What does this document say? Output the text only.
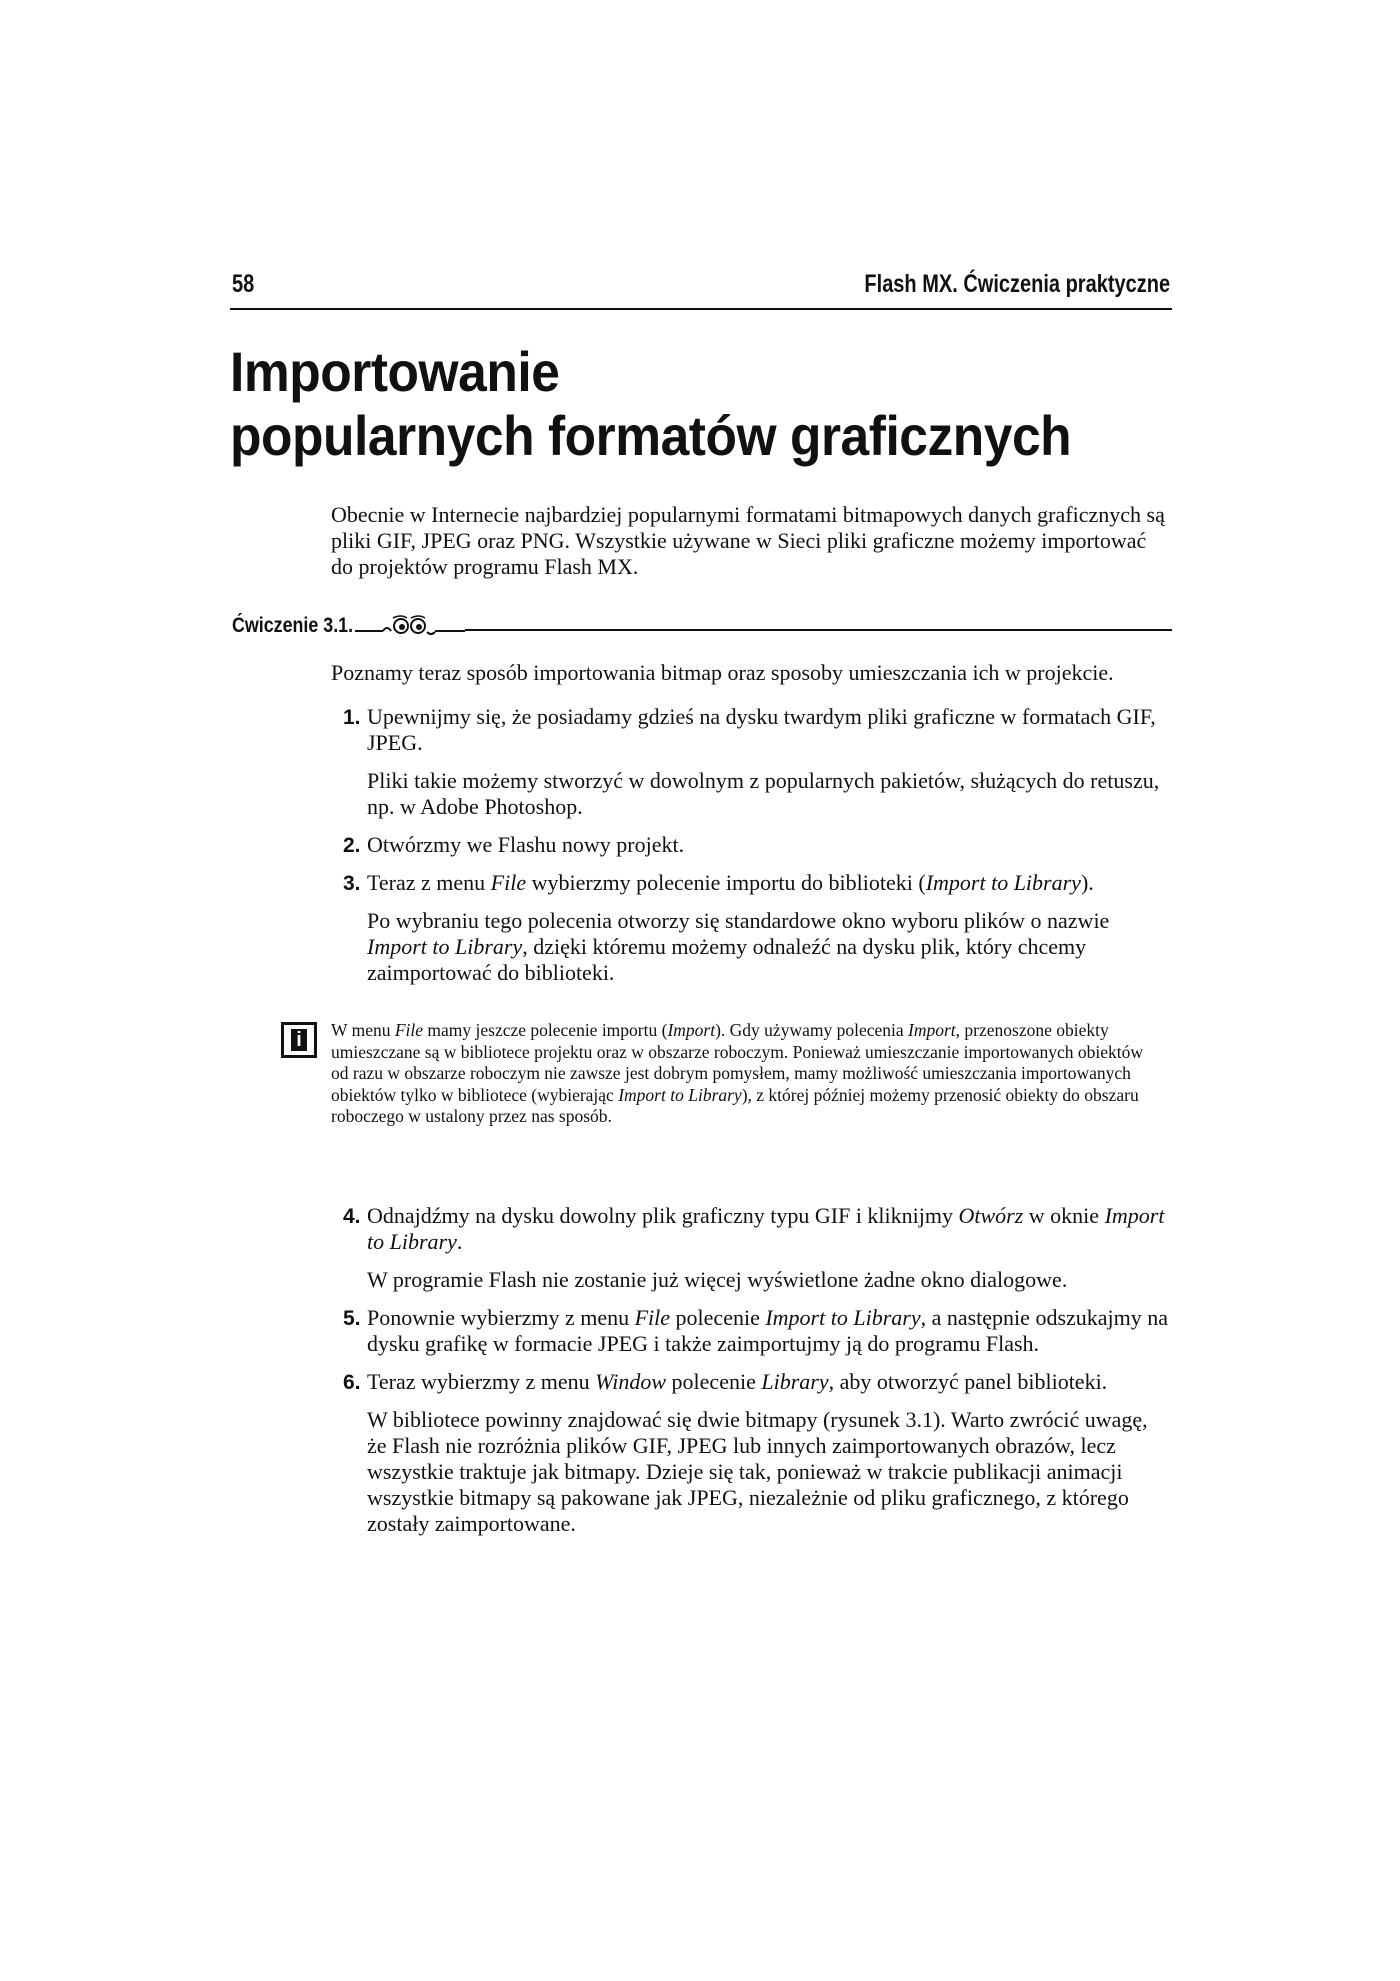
58	Flash MX. Ćwiczenia praktyczne
Importowanie
popularnych formatów graficznych

Obecnie w Internecie najbardziej popularnymi formatami bitmapowych danych graficznych są pliki GIF, JPEG oraz PNG. Wszystkie używane w Sieci pliki graficzne możemy importować do projektów programu Flash MX.

Ćwiczenie 3.1.

Poznamy teraz sposób importowania bitmap oraz sposoby umieszczania ich w projekcie.

1. Upewnijmy się, że posiadamy gdzieś na dysku twardym pliki graficzne w formatach GIF, JPEG.

Pliki takie możemy stworzyć w dowolnym z popularnych pakietów, służących do retuszu, np. w Adobe Photoshop.

2. Otwórzmy we Flashu nowy projekt.
3. Teraz z menu File wybierzmy polecenie importu do biblioteki (Import to Library).

Po wybraniu tego polecenia otworzy się standardowe okno wyboru plików o nazwie Import to Library, dzięki któremu możemy odnaleźć na dysku plik, który chcemy zaimportować do biblioteki.

i W menu File mamy jeszcze polecenie importu (Import). Gdy używamy polecenia Import, przenoszone obiekty umieszczane są w bibliotece projektu oraz w obszarze roboczym. Ponieważ umieszczanie importowanych obiektów od razu w obszarze roboczym nie zawsze jest dobrym pomysłem, mamy możliwość umieszczania importowanych obiektów tylko w bibliotece (wybierając Import to Library), z której później możemy przenosić obiekty do obszaru roboczego w ustalony przez nas sposób.

4. Odnajdźmy na dysku dowolny plik graficzny typu GIF i kliknijmy Otwórz w oknie Import to Library.

W programie Flash nie zostanie już więcej wyświetlone żadne okno dialogowe.

5. Ponownie wybierzmy z menu File polecenie Import to Library, a następnie odszukajmy na dysku grafikę w formacie JPEG i także zaimportujmy ją do programu Flash.
6. Teraz wybierzmy z menu Window polecenie Library, aby otworzyć panel biblioteki.

W bibliotece powinny znajdować się dwie bitmapy (rysunek 3.1). Warto zwrócić uwagę, że Flash nie rozróżnia plików GIF, JPEG lub innych zaimportowanych obrazów, lecz wszystkie traktuje jak bitmapy. Dzieje się tak, ponieważ w trakcie publikacji animacji wszystkie bitmapy są pakowane jak JPEG, niezależnie od pliku graficznego, z którego zostały zaimportowane.
